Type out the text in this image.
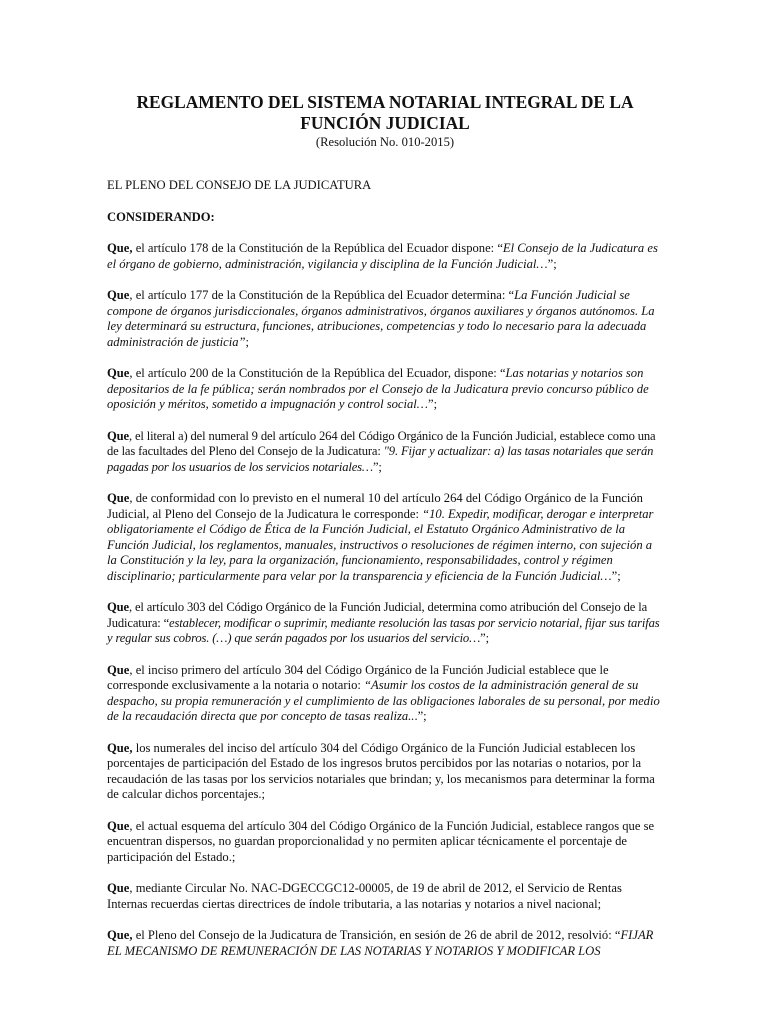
REGLAMENTO DEL SISTEMA NOTARIAL INTEGRAL DE LA
FUNCIÓN JUDICIAL

(Resolución No. 010-2015)

EL PLENO DEL CONSEJO DE LA JUDICATURA

CONSIDERANDO:

Que, el artículo 178 de la Constitución de la República del Ecuador dispone: “El Consejo de la Judicatura es el órgano de gobierno, administración, vigilancia y disciplina de la Función Judicial…”;

Que, el artículo 177 de la Constitución de la República del Ecuador determina: “La Función Judicial se compone de órganos jurisdiccionales, órganos administrativos, órganos auxiliares y órganos autónomos. La ley determinará su estructura, funciones, atribuciones, competencias y todo lo necesario para la adecuada administración de justicia”;

Que, el artículo 200 de la Constitución de la República del Ecuador, dispone: “Las notarias y notarios son depositarios de la fe pública; serán nombrados por el Consejo de la Judicatura previo concurso público de oposición y méritos, sometido a impugnación y control social…”;

Que, el literal a) del numeral 9 del artículo 264 del Código Orgánico de la Función Judicial, establece como una de las facultades del Pleno del Consejo de la Judicatura: "9. Fijar y actualizar: a) las tasas notariales que serán pagadas por los usuarios de los servicios notariales…”;

Que, de conformidad con lo previsto en el numeral 10 del artículo 264 del Código Orgánico de la Función Judicial, al Pleno del Consejo de la Judicatura le corresponde: “10. Expedir, modificar, derogar e interpretar obligatoriamente el Código de Ética de la Función Judicial, el Estatuto Orgánico Administrativo de la Función Judicial, los reglamentos, manuales, instructivos o resoluciones de régimen interno, con sujeción a la Constitución y la ley, para la organización, funcionamiento, responsabilidades, control y régimen disciplinario; particularmente para velar por la transparencia y eficiencia de la Función Judicial…”;

Que, el artículo 303 del Código Orgánico de la Función Judicial, determina como atribución del Consejo de la Judicatura: “establecer, modificar o suprimir, mediante resolución las tasas por servicio notarial, fijar sus tarifas y regular sus cobros. (…) que serán pagados por los usuarios del servicio…”;

Que, el inciso primero del artículo 304 del Código Orgánico de la Función Judicial establece que le corresponde exclusivamente a la notaria o notario: “Asumir los costos de la administración general de su despacho, su propia remuneración y el cumplimiento de las obligaciones laborales de su personal, por medio de la recaudación directa que por concepto de tasas realiza...”;

Que, los numerales del inciso del artículo 304 del Código Orgánico de la Función Judicial establecen los porcentajes de participación del Estado de los ingresos brutos percibidos por las notarias o notarios, por la recaudación de las tasas por los servicios notariales que brindan; y, los mecanismos para determinar la forma de calcular dichos porcentajes.;

Que, el actual esquema del artículo 304 del Código Orgánico de la Función Judicial, establece rangos que se encuentran dispersos, no guardan proporcionalidad y no permiten aplicar técnicamente el porcentaje de participación del Estado.;

Que, mediante Circular No. NAC-DGECCGC12-00005, de 19 de abril de 2012, el Servicio de Rentas Internas recuerdas ciertas directrices de índole tributaria, a las notarias y notarios a nivel nacional;

Que, el Pleno del Consejo de la Judicatura de Transición, en sesión de 26 de abril de 2012, resolvió: “FIJAR EL MECANISMO DE REMUNERACIÓN DE LAS NOTARIAS Y NOTARIOS Y MODIFICAR LOS
